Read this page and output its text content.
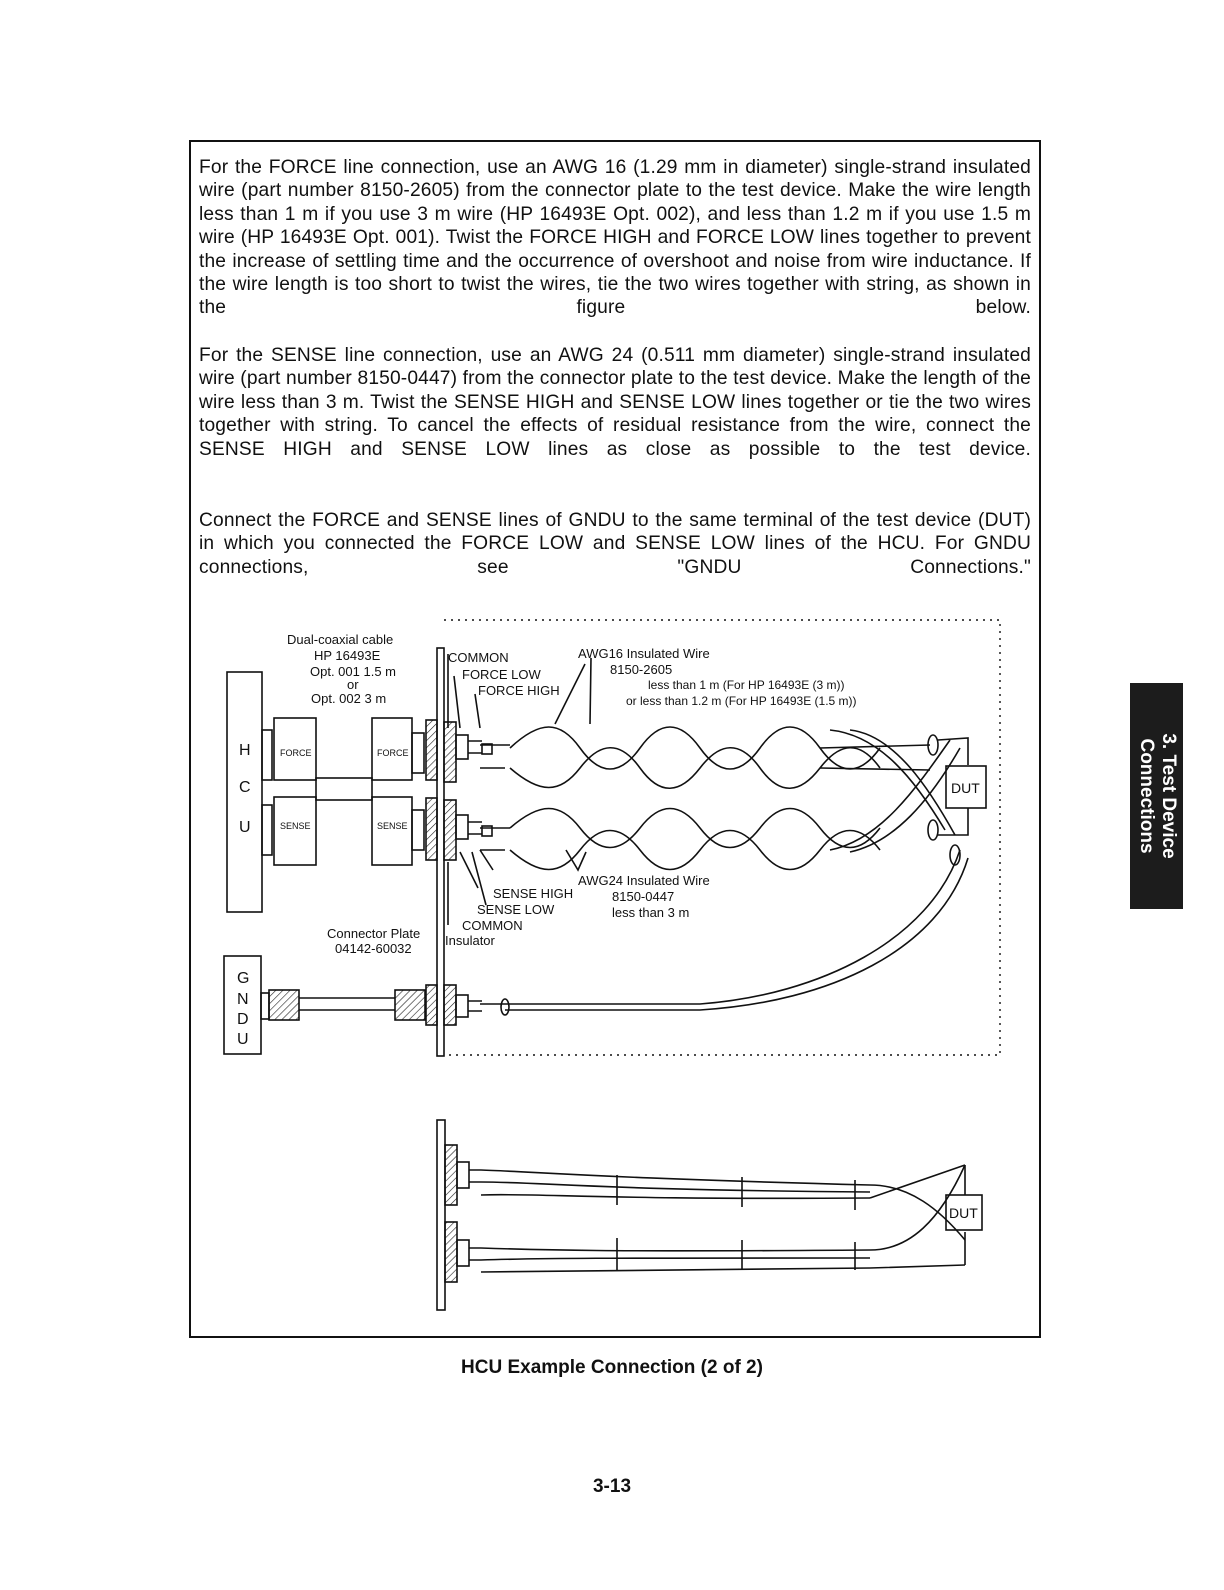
For the FORCE line connection, use an AWG 16 (1.29 mm in diameter) single-strand insulated wire (part number 8150-2605) from the connector plate to the test device. Make the wire length less than 1 m if you use 3 m wire (HP 16493E Opt. 002), and less than 1.2 m if you use 1.5 m wire (HP 16493E Opt. 001). Twist the FORCE HIGH and FORCE LOW lines together to prevent the increase of settling time and the occurrence of overshoot and noise from wire inductance. If the wire length is too short to twist the wires, tie the two wires together with string, as shown in the figure below.

For the SENSE line connection, use an AWG 24 (0.511 mm diameter) single-strand insulated wire (part number 8150-0447) from the connector plate to the test device. Make the length of the wire less than 3 m. Twist the SENSE HIGH and SENSE LOW lines together or tie the two wires together with string. To cancel the effects of residual resistance from the wire, connect the SENSE HIGH and SENSE LOW lines as close as possible to the test device.

Connect the FORCE and SENSE lines of GNDU to the same terminal of the test device (DUT) in which you connected the FORCE LOW and SENSE LOW lines of the HCU. For GNDU connections, see "GNDU Connections."

H
C
U
G
N
D
U
FORCE
SENSE
FORCE
SENSE
Dual-coaxial cable
HP 16493E
Opt. 001 1.5 m
or
Opt. 002 3 m
COMMON
FORCE LOW
FORCE HIGH
AWG16 Insulated Wire
8150-2605
less than 1 m (For HP 16493E (3 m))
or less than 1.2 m (For HP 16493E (1.5 m))
DUT
AWG24 Insulated Wire
8150-0447
less than 3 m
SENSE HIGH
SENSE LOW
COMMON
Insulator
Connector Plate
04142-60032
DUT
HCU Example Connection (2 of 2)
3. Test Device
Connections
3-13
